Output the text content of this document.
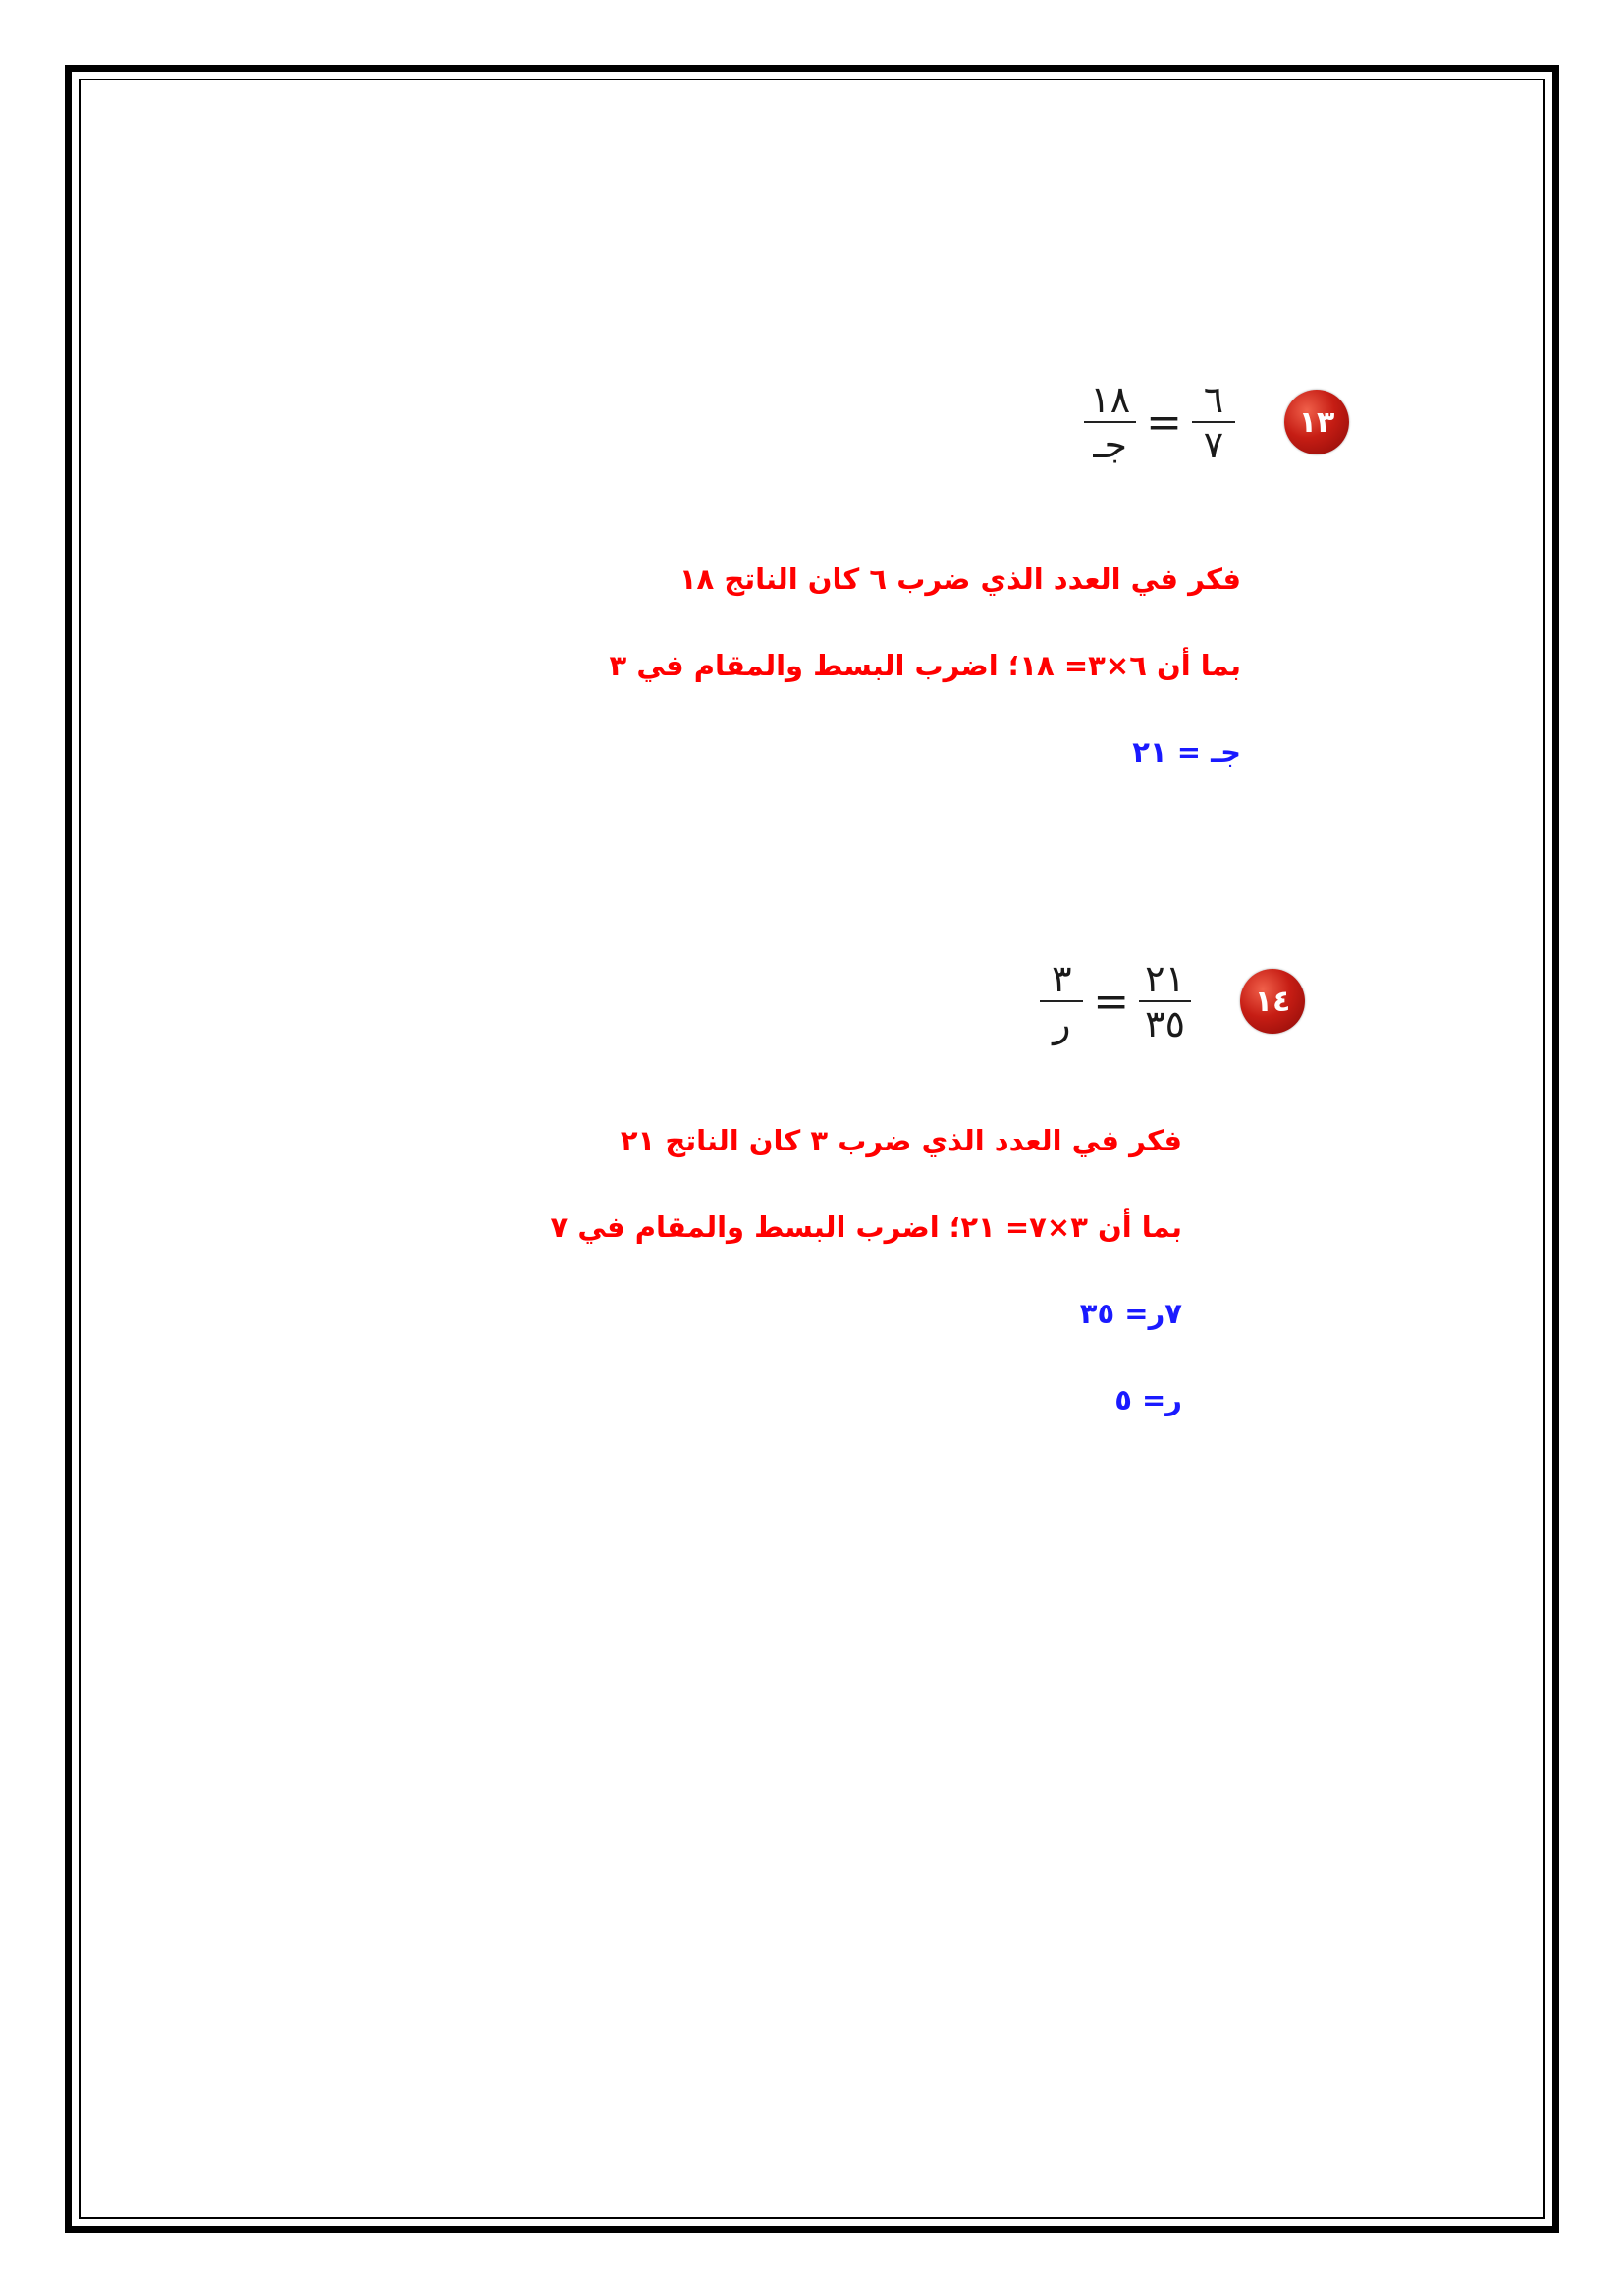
١٣
$\frac{٦}{٧}$
=
$\frac{١٨}{\text{جـ}}$
فكر في العدد الذي ضرب ٦ كان الناتج ١٨
بما أن ٦×٣= ١٨؛ اضرب البسط والمقام في ٣
جـ = ٢١
١٤
$\frac{٢١}{٣٥}$
=
$\frac{٣}{\text{ر}}$
فكر في العدد الذي ضرب ٣ كان الناتج ٢١
بما أن ٣×٧= ٢١؛ اضرب البسط والمقام في ٧
٧ر= ٣٥
ر= ٥
